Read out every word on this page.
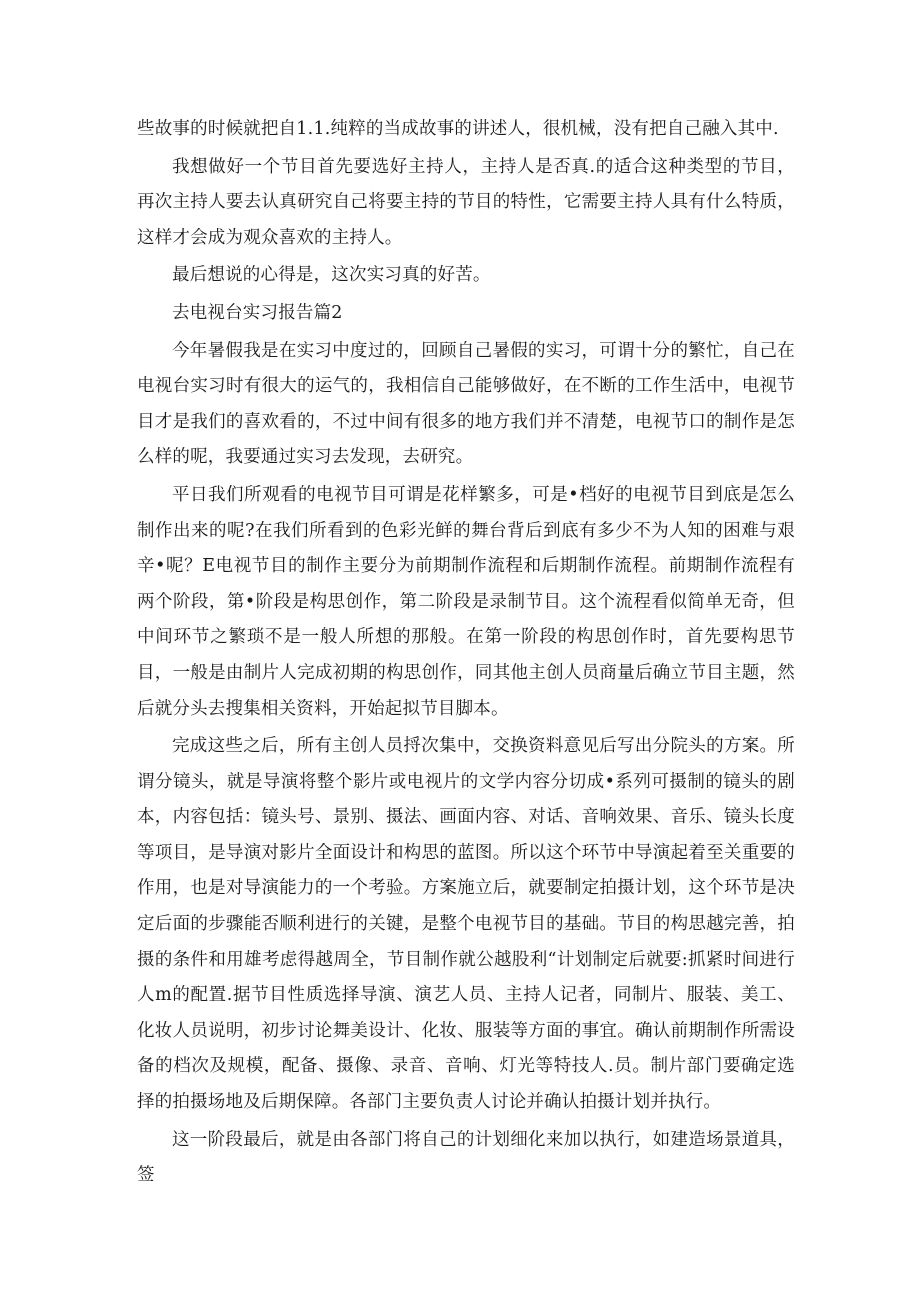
些故事的时候就把自1.1.纯粹的当成故事的讲述人，很机械，没有把自己融入其中.

我想做好一个节目首先要选好主持人，主持人是否真.的适合这种类型的节目，再次主持人要去认真研究自己将要主持的节目的特性，它需要主持人具有什么特质，这样才会成为观众喜欢的主持人。

最后想说的心得是，这次实习真的好苦。

去电视台实习报告篇2

今年暑假我是在实习中度过的，回顾自己暑假的实习，可谓十分的繁忙，自己在电视台实习时有很大的运气的，我相信自己能够做好，在不断的工作生活中，电视节目才是我们的喜欢看的，不过中间有很多的地方我们并不清楚，电视节口的制作是怎么样的呢，我要通过实习去发现，去研究。

平日我们所观看的电视节目可谓是花样繁多，可是•档好的电视节目到底是怎么制作出来的呢?在我们所看到的色彩光鲜的舞台背后到底有多少不为人知的困难与艰辛•呢？E电视节目的制作主要分为前期制作流程和后期制作流程。前期制作流程有两个阶段，第•阶段是构思创作，第二阶段是录制节目。这个流程看似简单无奇，但中间环节之繁琐不是一般人所想的那般。在第一阶段的构思创作时，首先要构思节目，一般是由制片人完成初期的构思创作，同其他主创人员商量后确立节目主题，然后就分头去搜集相关资料，开始起拟节目脚本。

完成这些之后，所有主创人员捋次集中，交换资料意见后写出分院头的方案。所谓分镜头，就是导演将整个影片或电视片的文学内容分切成•系列可摄制的镜头的剧本，内容包括：镜头号、景别、摄法、画面内容、对话、音响效果、音乐、镜头长度等项目，是导演对影片全面设计和构思的蓝图。所以这个环节中导演起着至关重要的作用，也是对导演能力的一个考验。方案施立后，就要制定拍摄计划，这个环节是决定后面的步骤能否顺利进行的关键，是整个电视节目的基础。节目的构思越完善，拍摄的条件和用雄考虑得越周全，节目制作就公越股利“计划制定后就要:抓紧时间进行人m的配置.据节目性质选择导演、演艺人员、主持人记者，同制片、服装、美工、化妆人员说明，初步讨论舞美设计、化妆、服装等方面的事宜。确认前期制作所需设备的档次及规模，配备、摄像、录音、音响、灯光等特技人.员。制片部门要确定选择的拍摄场地及后期保障。各部门主要负责人讨论并确认拍摄计划并执行。

这一阶段最后，就是由各部门将自己的计划细化来加以执行，如建造场景道具，签
